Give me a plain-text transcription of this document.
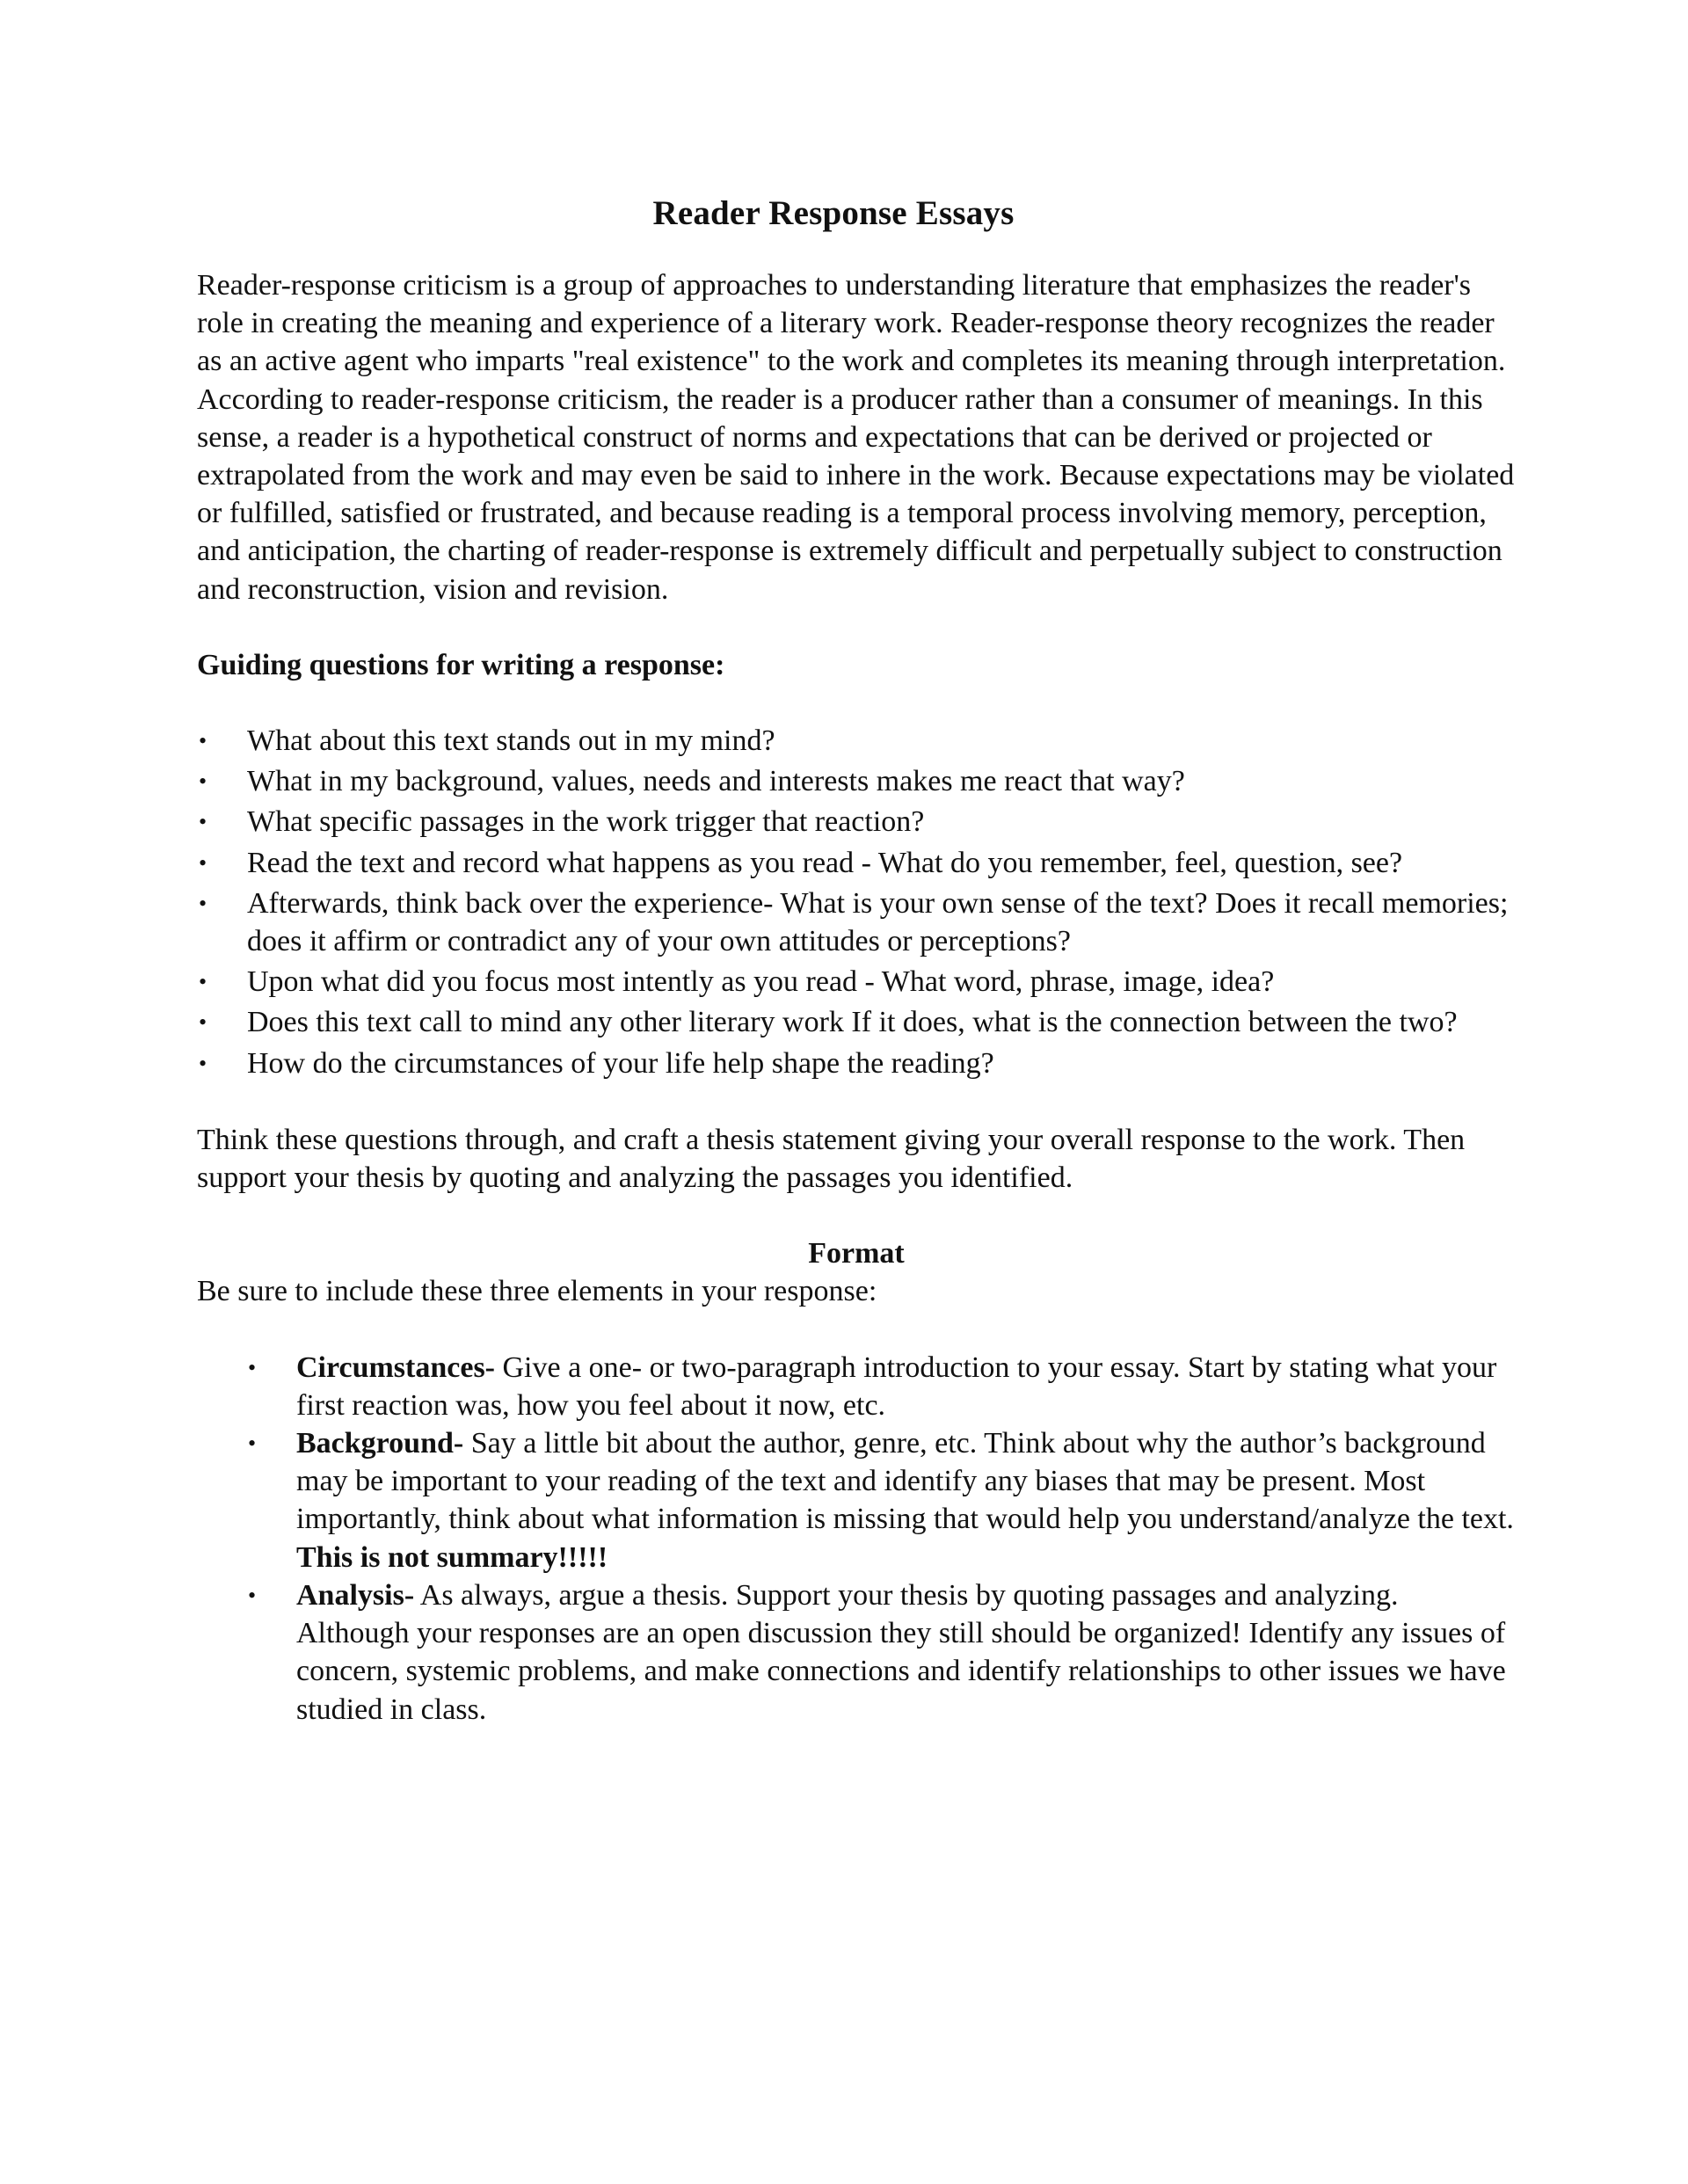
Reader Response Essays

Reader-response criticism is a group of approaches to understanding literature that emphasizes the reader's role in creating the meaning and experience of a literary work. Reader-response theory recognizes the reader as an active agent who imparts "real existence" to the work and completes its meaning through interpretation. According to reader-response criticism, the reader is a producer rather than a consumer of meanings. In this sense, a reader is a hypothetical construct of norms and expectations that can be derived or projected or extrapolated from the work and may even be said to inhere in the work. Because expectations may be violated or fulfilled, satisfied or frustrated, and because reading is a temporal process involving memory, perception, and anticipation, the charting of reader-response is extremely difficult and perpetually subject to construction and reconstruction, vision and revision.

Guiding questions for writing a response:

• What about this text stands out in my mind?
• What in my background, values, needs and interests makes me react that way?
• What specific passages in the work trigger that reaction?
• Read the text and record what happens as you read - What do you remember, feel, question, see?
• Afterwards, think back over the experience- What is your own sense of the text? Does it recall memories; does it affirm or contradict any of your own attitudes or perceptions?
• Upon what did you focus most intently as you read - What word, phrase, image, idea?
• Does this text call to mind any other literary work If it does, what is the connection between the two?
• How do the circumstances of your life help shape the reading?

Think these questions through, and craft a thesis statement giving your overall response to the work. Then support your thesis by quoting and analyzing the passages you identified.

Format

Be sure to include these three elements in your response:

• Circumstances- Give a one- or two-paragraph introduction to your essay. Start by stating what your first reaction was, how you feel about it now, etc.
• Background- Say a little bit about the author, genre, etc. Think about why the author’s background may be important to your reading of the text and identify any biases that may be present. Most importantly, think about what information is missing that would help you understand/analyze the text. This is not summary!!!!!
• Analysis- As always, argue a thesis. Support your thesis by quoting passages and analyzing. Although your responses are an open discussion they still should be organized! Identify any issues of concern, systemic problems, and make connections and identify relationships to other issues we have studied in class.
